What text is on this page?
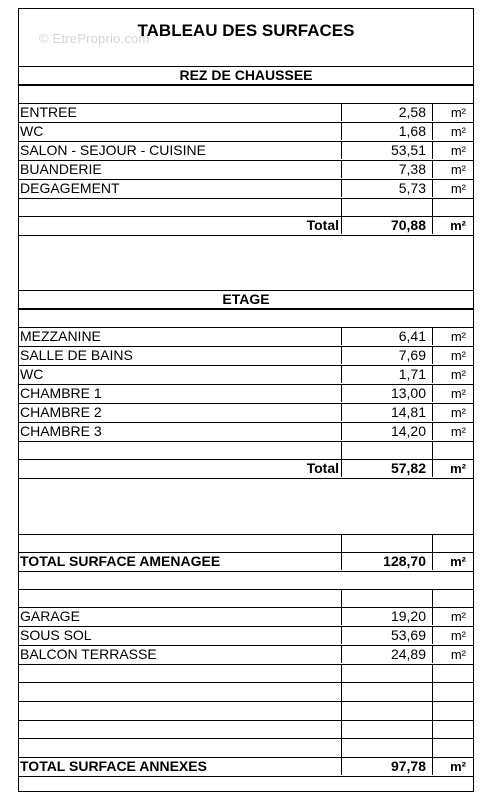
TABLEAU DES SURFACES
© EtreProprio.com
REZ DE CHAUSSEE
ENTREE	2,58	m²
WC	1,68	m²
SALON - SEJOUR - CUISINE	53,51	m²
BUANDERIE	7,38	m²
DEGAGEMENT	5,73	m²
Total	70,88	m²
ETAGE
MEZZANINE	6,41	m²
SALLE DE BAINS	7,69	m²
WC	1,71	m²
CHAMBRE 1	13,00	m²
CHAMBRE 2	14,81	m²
CHAMBRE 3	14,20	m²
Total	57,82	m²
TOTAL SURFACE AMENAGEE	128,70	m²
GARAGE	19,20	m²
SOUS SOL	53,69	m²
BALCON TERRASSE	24,89	m²
TOTAL SURFACE ANNEXES	97,78	m²
